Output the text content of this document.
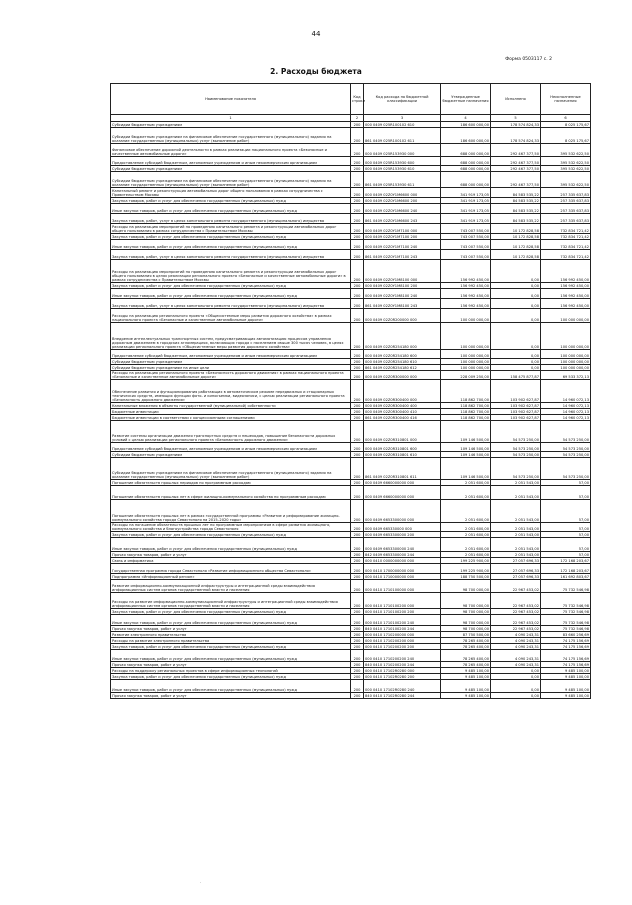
44
Форма 0503117 с. 2
2. Расходы бюджета
Наименование показателя	Код строки	Код расхода по бюджетной классификации	Утвержденные бюджетные назначения	Исполнено	Неисполненные назначения
1	2	3	4	5	6
Субсидии бюджетным учреждениям	200	000 0409 025R100102 610	186 600 000,00	178 574 824,33	8 025 175,67
Субсидии бюджетным учреждениям на финансовое обеспечение государственного (муниципального) задания на оказание государственных (муниципальных) услуг (выполнение работ)	200	861 0409 025R100102 611	186 600 000,00	178 574 824,33	8 025 175,67
Финансовое обеспечение дорожной деятельности в рамках реализации национального проекта «Безопасные и качественные автомобильные дороги»	200	000 0409 025R153930 000	688 000 000,00	292 467 377,50	395 532 622,50
Предоставление субсидий бюджетным, автономным учреждениям и иным некоммерческим организациям	200	000 0409 025R153930 600	688 000 000,00	292 467 377,50	395 532 622,50
Субсидии бюджетным учреждениям	200	000 0409 025R153930 610	688 000 000,00	292 467 377,50	395 532 622,50
Субсидии бюджетным учреждениям на финансовое обеспечение государственного (муниципального) задания на оказание государственных (муниципальных) услуг (выполнение работ)	200	861 0409 025R153930 611	688 000 000,00	292 467 377,50	395 532 622,50
Капитальный ремонт и реконструкция автомобильных дорог общего пользования в рамках сотрудничества с Правительством Москвы	200	000 0409 02Z0Y1M6600 000	341 919 173,05	84 583 535,22	257 335 637,83
Закупка товаров, работ и услуг для обеспечения государственных (муниципальных) нужд	200	000 0409 02Z0Y1M6600 200	341 919 173,05	84 583 535,22	257 335 637,83
Иные закупки товаров, работ и услуг для обеспечения государственных (муниципальных) нужд	200	000 0409 02Z0Y1M6600 240	341 919 173,05	84 583 535,22	257 335 637,83
Закупка товаров, работ, услуг в целях капитального ремонта государственного (муниципального) имущества	200	861 0409 02Z0Y1M6600 243	341 919 173,05	84 583 535,22	257 335 637,83
Расходы на реализацию мероприятий по проведению капитального ремонта и реконструкции автомобильных дорог общего пользования в рамках сотрудничества с Правительством Москвы	200	000 0409 02Z0Y1M7100 000	743 007 550,00	10 172 828,58	732 834 721,42
Закупка товаров, работ и услуг для обеспечения государственных (муниципальных) нужд	200	000 0409 02Z0Y1M7100 200	743 007 550,00	10 172 828,58	732 834 721,42
Иные закупки товаров, работ и услуг для обеспечения государственных (муниципальных) нужд	200	000 0409 02Z0Y1M7100 240	743 007 550,00	10 172 828,58	732 834 721,42
Закупка товаров, работ, услуг в целях капитального ремонта государственного (муниципального) имущества	200	861 0409 02Z0Y1M7100 243	743 007 550,00	10 172 828,58	732 834 721,42
Расходы на реализацию мероприятий по проведению капитального ремонта и реконструкции автомобильных дорог общего пользования в целях реализации регионального проекта «Безопасные и качественные автомобильные дороги» в рамках сотрудничества с Правительством Москвы	200	000 0409 02Z0Y1M8100 000	156 992 450,00	0,00	156 992 450,00
Закупка товаров, работ и услуг для обеспечения государственных (муниципальных) нужд	200	000 0409 02Z0Y1M8100 200	156 992 450,00	0,00	156 992 450,00
Иные закупки товаров, работ и услуг для обеспечения государственных (муниципальных) нужд	200	000 0409 02Z0Y1M8100 240	156 992 450,00	0,00	156 992 450,00
Закупка товаров, работ, услуг в целях капитального ремонта государственного (муниципального) имущества	200	861 0409 02Z0Y1M8100 243	156 992 450,00	0,00	156 992 450,00
Расходы на реализацию регионального проекта «Общесистемные меры развития дорожного хозяйства» в рамках национального проекта «Безопасные и качественные автомобильные дороги»	200	000 0409 02Z0R200000 000	100 000 000,00	0,00	100 000 000,00
Внедрение интеллектуальных транспортных систем, предусматривающих автоматизацию процессов управления дорожным движением в городских агломерациях, включающих города с населением свыше 300 тысяч человек, в целях реализации регионального проекта «Общесистемные меры развития дорожного хозяйства»	200	000 0409 02Z0R254180 000	100 000 000,00	0,00	100 000 000,00
Предоставление субсидий бюджетным, автономным учреждениям и иным некоммерческим организациям	200	000 0409 02Z0R254180 600	100 000 000,00	0,00	100 000 000,00
Субсидии бюджетным учреждениям	200	000 0409 02Z0R254180 610	100 000 000,00	0,00	100 000 000,00
Субсидии бюджетным учреждениям на иные цели	200	861 0409 02Z0R254180 612	100 000 000,00	0,00	100 000 000,00
Расходы на реализацию регионального проекта «Безопасность дорожного движения» в рамках национального проекта «Безопасные и качественные автомобильные дороги»	200	000 0409 02Z0R300000 000	228 009 250,00	158 475 877,87	69 533 372,13
Обеспечение развития и функционирования работающих в автоматическом режиме передвижных и стационарных технических средств, имеющих функции фото- и киносъемки, видеозаписи, с целью реализации регионального проекта «Безопасность дорожного движения»	200	000 0409 02Z0R300400 000	118 862 700,00	103 902 627,87	14 960 072,13
Капитальные вложения в объекты государственной (муниципальной) собственности	200	000 0409 02Z0R300400 400	118 862 700,00	103 902 627,87	14 960 072,13
Бюджетные инвестиции	200	000 0409 02Z0R300400 410	118 862 700,00	103 902 627,87	14 960 072,13
Бюджетные инвестиции в соответствии с концессионными соглашениями	200	861 0409 02Z0R300400 416	118 862 700,00	103 902 627,87	14 960 072,13
Развитие системы организации движения транспортных средств и пешеходов, повышение безопасности дорожных условий с целью реализации регионального проекта «Безопасность дорожного движения»	200	000 0409 02Z0R310801 000	109 146 500,00	54 573 250,00	54 573 250,00
Предоставление субсидий бюджетным, автономным учреждениям и иным некоммерческим организациям	200	000 0409 02Z0R310801 600	109 146 500,00	54 573 250,00	54 573 250,00
Субсидии бюджетным учреждениям	200	000 0409 02Z0R310801 610	109 146 500,00	54 573 250,00	54 573 250,00
Субсидии бюджетным учреждениям на финансовое обеспечение государственного (муниципального) задания на оказание государственных (муниципальных) услуг (выполнение работ)	200	861 0409 02Z0R310801 611	109 146 500,00	54 573 250,00	54 573 250,00
Погашение обязательств прошлых периодов по программным расходам	200	000 0409 6660000000 000	2 051 600,00	2 051 543,00	57,00
Погашение обязательств прошлых лет в сфере жилищно-коммунального хозяйства по программным расходам	200	000 0409 6660000000 000	2 051 600,00	2 051 543,00	57,00
Погашение обязательств прошлых лет в рамках государственной программы «Развитие и реформирование жилищно-коммунального хозяйства города Севастополя на 2015–2020 годы»	200	000 0409 6653300000 000	2 051 600,00	2 051 543,00	57,00
Расходы на погашение обязательств прошлых лет по программным мероприятиям в сфере развития жилищного, коммунального хозяйства и благоустройства города Севастополя	200	000 0409 665330000 000	2 051 600,00	2 051 543,00	57,00
Закупка товаров, работ и услуг для обеспечения государственных (муниципальных) нужд	200	000 0409 6653300000 200	2 051 600,00	2 051 543,00	57,00
Иные закупки товаров, работ и услуг для обеспечения государственных (муниципальных) нужд	200	000 0409 6653300000 240	2 051 600,00	2 051 543,00	57,00
Прочая закупка товаров, работ и услуг	200	842 0409 6653300000 244	2 051 600,00	2 051 543,00	57,00
Связь и информатика	200	000 0410 0000000000 000	199 225 900,00	27 057 696,33	172 168 203,67
Государственная программа города Севастополя «Развитие информационного общества Севастополя»	200	000 0410 1700000000 000	199 225 900,00	27 057 696,33	172 168 203,67
Подпрограмма «Информационный регион»	200	000 0410 1710000000 000	188 750 500,00	27 057 696,33	161 692 803,67
Развитие информационно-коммуникационной инфраструктуры и интеграционной среды взаимодействия информационных систем органов государственной власти и населения	200	000 0410 1710100000 000	98 700 000,00	22 967 453,02	75 732 546,98
Расходы на развитие информационно-коммуникационной инфраструктуры и интеграционной среды взаимодействия информационных систем органов государственной власти и населения	200	000 0410 1710100200 000	98 700 000,00	22 967 453,02	75 732 546,98
Закупка товаров, работ и услуг для обеспечения государственных (муниципальных) нужд	200	000 0410 1710100200 200	98 700 000,00	22 967 453,02	75 732 546,98
Иные закупки товаров, работ и услуг для обеспечения государственных (муниципальных) нужд	200	000 0410 1710100200 240	98 700 000,00	22 967 453,02	75 732 546,98
Прочая закупка товаров, работ и услуг	200	840 0410 1710100200 244	98 700 000,00	22 967 453,02	75 732 546,98
Развитие электронного правительства	200	000 0410 1710200000 000	87 750 500,00	4 090 243,31	83 660 256,69
Расходы на развитие электронного правительства	200	000 0410 1710200200 000	78 265 400,00	4 090 243,31	74 175 156,69
Закупка товаров, работ и услуг для обеспечения государственных (муниципальных) нужд	200	000 0410 1710200200 200	78 265 400,00	4 090 243,31	74 175 156,69
Иные закупки товаров, работ и услуг для обеспечения государственных (муниципальных) нужд	200	000 0410 1710200200 240	78 265 400,00	4 090 243,31	74 175 156,69
Прочая закупка товаров, работ и услуг	200	840 0410 1710200200 244	78 265 400,00	4 090 243,31	74 175 156,69
Расходы на поддержку региональных проектов в сфере информационных технологий	200	000 0410 17102R0280 000	9 485 100,00	0,00	9 485 100,00
Закупка товаров, работ и услуг для обеспечения государственных (муниципальных) нужд	200	000 0410 17102R0280 200	9 485 100,00	0,00	9 485 100,00
Иные закупки товаров, работ и услуг для обеспечения государственных (муниципальных) нужд	200	000 0410 17102R0280 240	9 485 100,00	0,00	9 485 100,00
Прочая закупка товаров, работ и услуг	200	840 0410 17102R0280 244	9 485 100,00	0,00	9 485 100,00
·
